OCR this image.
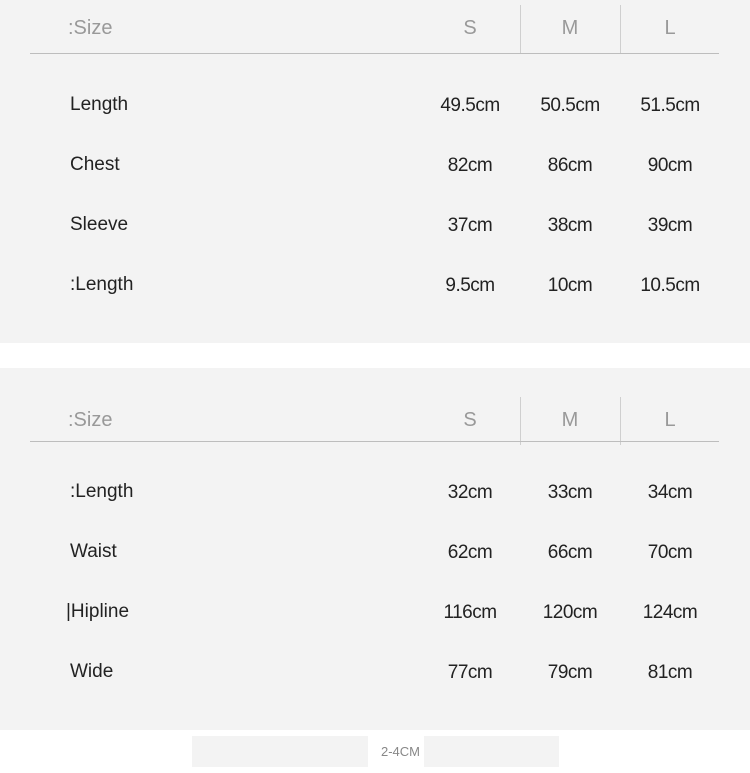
:Size	S	M	L
Length	49.5cm	50.5cm	51.5cm
Chest	82cm	86cm	90cm
Sleeve	37cm	38cm	39cm
:Length	9.5cm	10cm	10.5cm
:Size	S	M	L
:Length	32cm	33cm	34cm
Waist	62cm	66cm	70cm
|Hipline	116cm	120cm	124cm
Wide	77cm	79cm	81cm
2-4CM
